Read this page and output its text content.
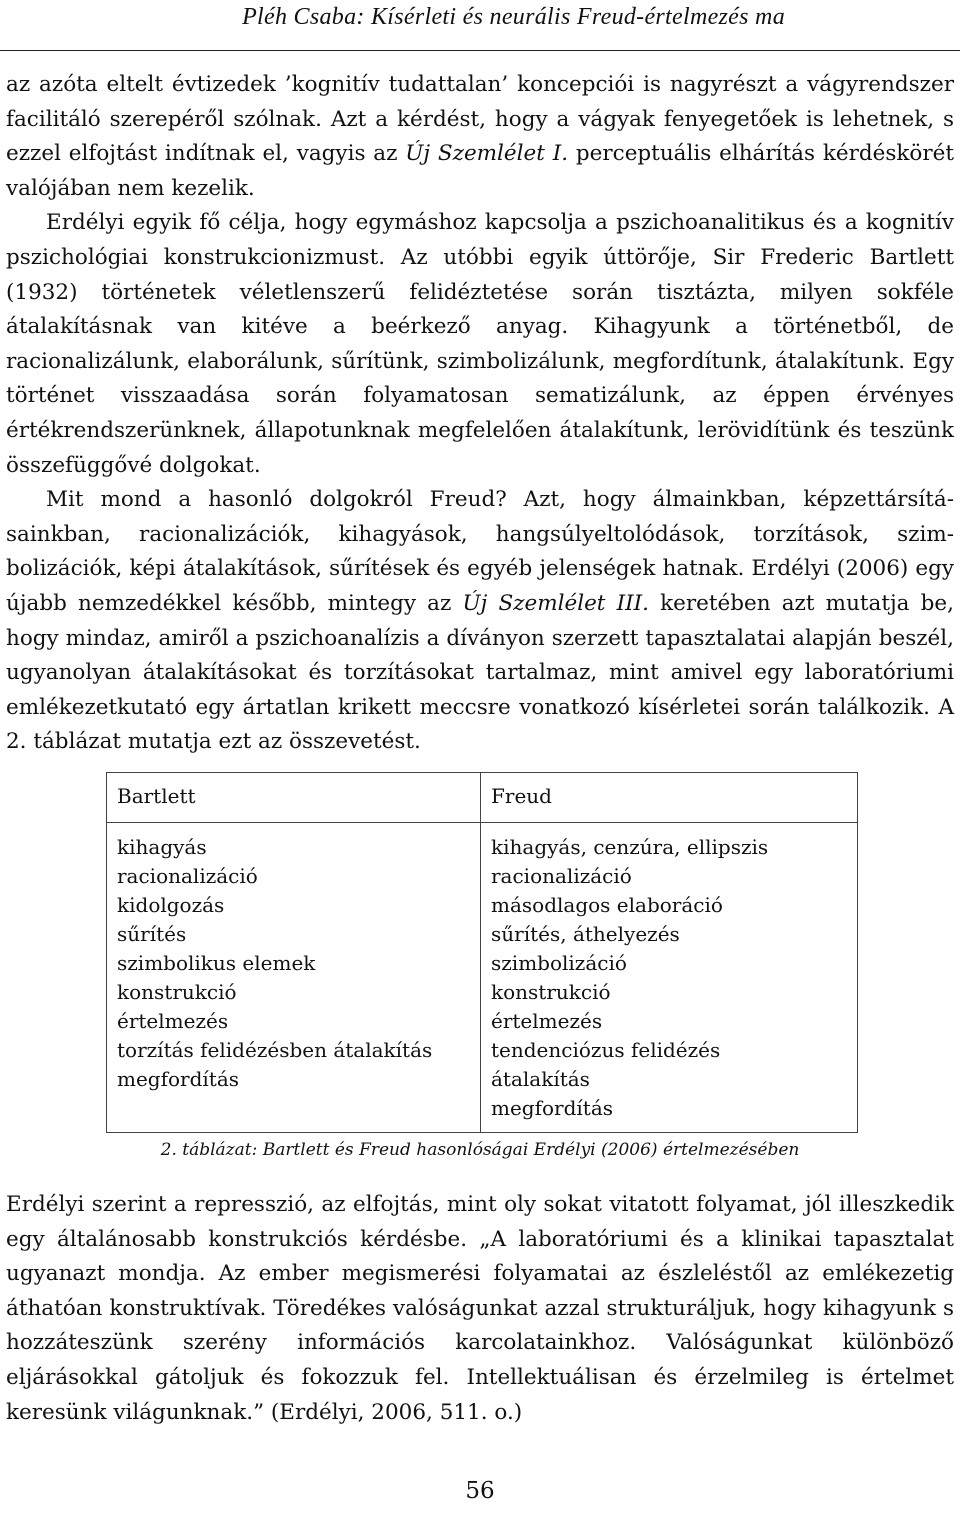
Pléh Csaba: Kísérleti és neurális Freud-értelmezés ma

az azóta eltelt évtizedek ’kognitív tudattalan’ koncepciói is nagyrészt a vágyrendszer facilitáló szerepéről szólnak. Azt a kérdést, hogy a vágyak fenyegetőek is lehetnek, s ezzel elfojtást indítnak el, vagyis az Új Szemlélet I. perceptuális elhárítás kérdéskörét valójában nem kezelik.

Erdélyi egyik fő célja, hogy egymáshoz kapcsolja a pszichoanalitikus és a kognitív pszichológiai konstrukcionizmust. Az utóbbi egyik úttörője, Sir Frederic Bartlett (1932) történetek véletlenszerű felidéztetése során tisztázta, milyen sokféle átalakításnak van kitéve a beérkező anyag. Kihagyunk a történetből, de racionalizálunk, elaborálunk, sűrítünk, szimbolizálunk, megfordítunk, átalakítunk. Egy történet visszaadása során folyamatosan sematizálunk, az éppen érvényes értékrendszerünknek, állapotunknak megfelelően átalakítunk, lerövidítünk és teszünk összefüggővé dolgokat.

Mit mond a hasonló dolgokról Freud? Azt, hogy álmainkban, képzettársításainkban, racionalizációk, kihagyások, hangsúlyeltolódások, torzítások, szimbolizációk, képi átalakítások, sűrítések és egyéb jelenségek hatnak. Erdélyi (2006) egy újabb nemzedékkel később, mintegy az Új Szemlélet III. keretében azt mutatja be, hogy mindaz, amiről a pszichoanalízis a díványon szerzett tapasztalatai alapján beszél, ugyanolyan átalakításokat és torzításokat tartalmaz, mint amivel egy laboratóriumi emlékezetkutató egy ártatlan krikett meccsre vonatkozó kísérletei során találkozik. A 2. táblázat mutatja ezt az összevetést.

Bartlett	Freud
kihagyás
racionalizáció
kidolgozás
sűrítés
szimbolikus elemek
konstrukció
értelmezés
torzítás felidézésben átalakítás
megfordítás
kihagyás, cenzúra, ellipszis
racionalizáció
másodlagos elaboráció
sűrítés, áthelyezés
szimbolizáció
konstrukció
értelmezés
tendenciózus felidézés
átalakítás
megfordítás
2. táblázat: Bartlett és Freud hasonlóságai Erdélyi (2006) értelmezésében

Erdélyi szerint a represszió, az elfojtás, mint oly sokat vitatott folyamat, jól illeszkedik egy általánosabb konstrukciós kérdésbe. „A laboratóriumi és a klinikai tapasztalat ugyanazt mondja. Az ember megismerési folyamatai az észleléstől az emlékezetig áthatóan konstruktívak. Töredékes valóságunkat azzal strukturáljuk, hogy kihagyunk s hozzáteszünk szerény információs karcolatainkhoz. Valóságunkat különböző eljárásokkal gátoljuk és fokozzuk fel. Intellektuálisan és érzelmileg is értelmet keresünk világunknak.” (Erdélyi, 2006, 511. o.)

56
